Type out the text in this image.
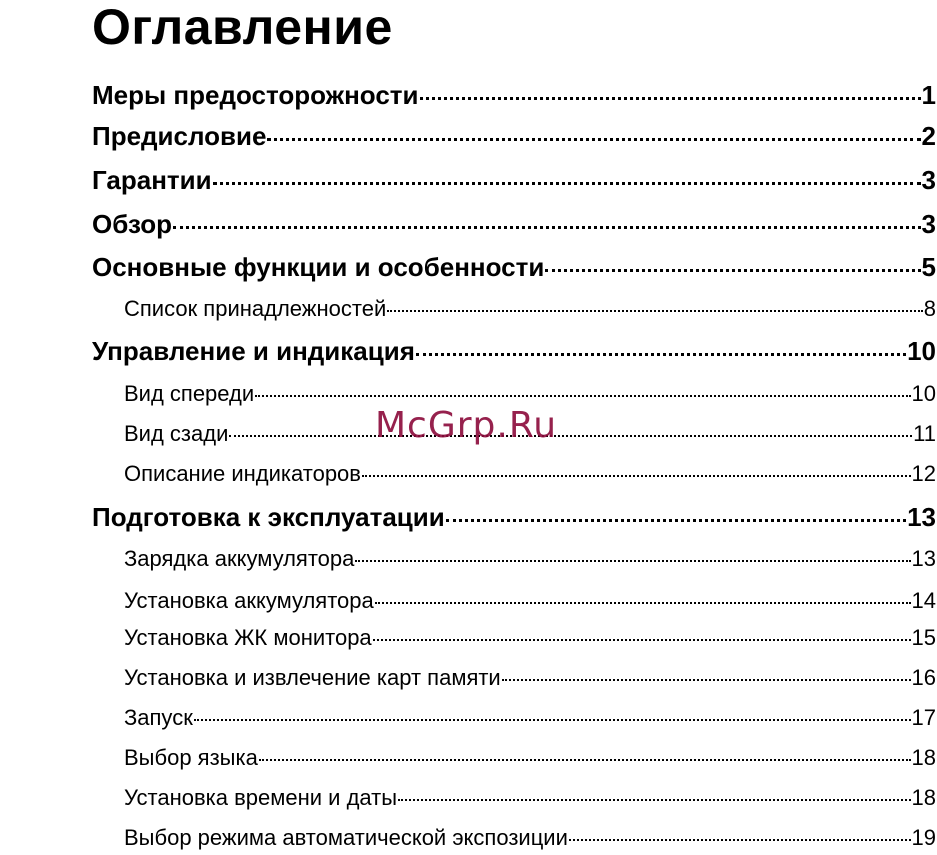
Оглавление
Меры предосторожности	1
Предисловие	2
Гарантии	3
Обзор	3
Основные функции и особенности	5
Список принадлежностей	8
Управление и индикация	10
Вид спереди	10
Вид сзади	11
Описание индикаторов	12
Подготовка к эксплуатации	13
Зарядка аккумулятора	13
Установка аккумулятора	14
Установка ЖК монитора	15
Установка и извлечение карт памяти	16
Запуск	17
Выбор языка	18
Установка времени и даты	18
Выбор режима автоматической экспозиции	19
McGrp.Ru
